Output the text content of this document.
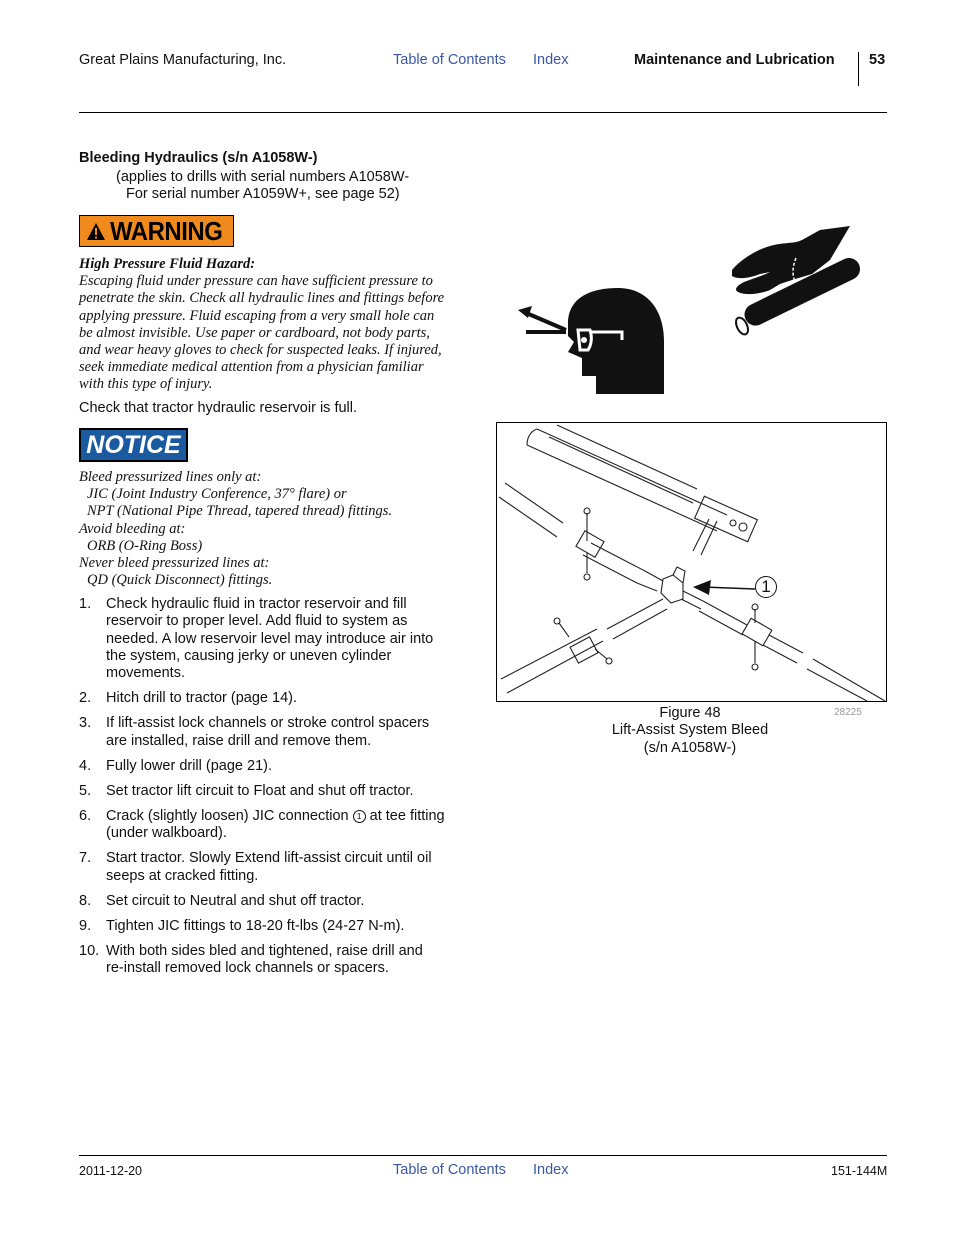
Great Plains Manufacturing, Inc.	Table of Contents Index	Maintenance and Lubrication 53
Bleeding Hydraulics (s/n A1058W-)
(applies to drills with serial numbers A1058W-
For serial number A1059W+, see page 52)
WARNING
High Pressure Fluid Hazard:
Escaping fluid under pressure can have sufficient pressure to
penetrate the skin. Check all hydraulic lines and fittings before
applying pressure. Fluid escaping from a very small hole can
be almost invisible. Use paper or cardboard, not body parts,
and wear heavy gloves to check for suspected leaks. If injured,
seek immediate medical attention from a physician familiar
with this type of injury.
Check that tractor hydraulic reservoir is full.
NOTICE
Bleed pressurized lines only at:
JIC (Joint Industry Conference, 37° flare) or
NPT (National Pipe Thread, tapered thread) fittings.
Avoid bleeding at:
ORB (O-Ring Boss)
Never bleed pressurized lines at:
QD (Quick Disconnect) fittings.
1. Check hydraulic fluid in tractor reservoir and fill
reservoir to proper level. Add fluid to system as
needed. A low reservoir level may introduce air into
the system, causing jerky or uneven cylinder
movements.
2. Hitch drill to tractor (page 14).
3. If lift-assist lock channels or stroke control spacers
are installed, raise drill and remove them.
4. Fully lower drill (page 21).
5. Set tractor lift circuit to Float and shut off tractor.
6. Crack (slightly loosen) JIC connection 1 at tee fitting
(under walkboard).
7. Start tractor. Slowly Extend lift-assist circuit until oil
seeps at cracked fitting.
8. Set circuit to Neutral and shut off tractor.
9. Tighten JIC fittings to 18-20 ft-lbs (24-27 N-m).
10. With both sides bled and tightened, raise drill and
re-install removed lock channels or spacers.
1
Figure 48
Lift-Assist System Bleed
(s/n A1058W-)
28225
2011-12-20	Table of Contents Index	151-144M
